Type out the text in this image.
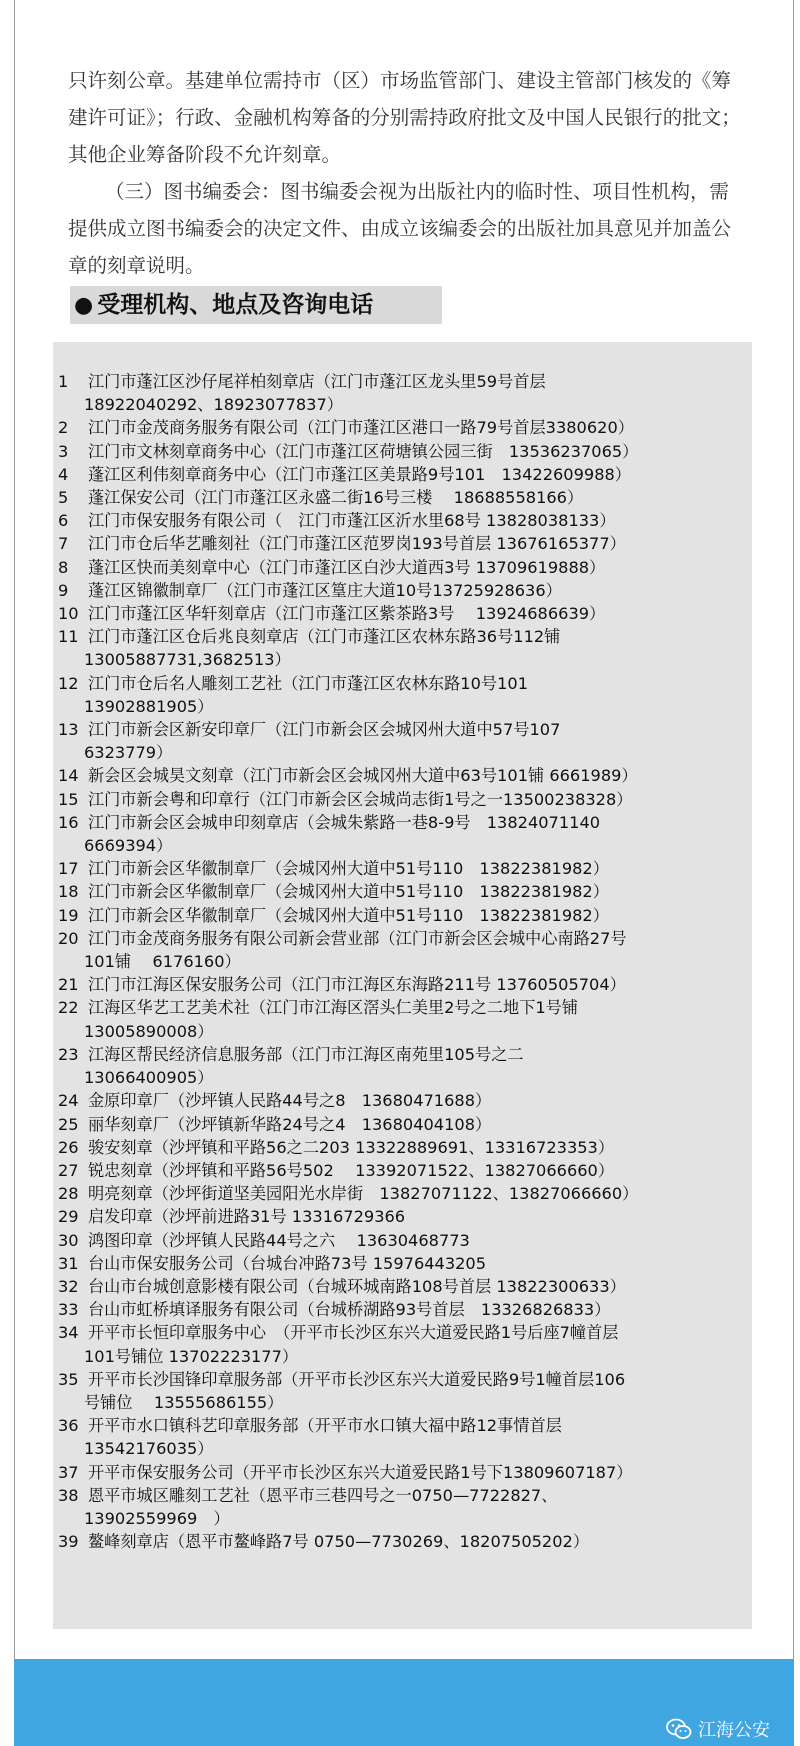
只许刻公章。基建单位需持市（区）市场监管部门、建设主管部门核发的《筹建许可证》；行政、金融机构筹备的分别需持政府批文及中国人民银行的批文；其他企业筹备阶段不允许刻章。

（三）图书编委会：图书编委会视为出版社内的临时性、项目性机构，需提供成立图书编委会的决定文件、由成立该编委会的出版社加具意见并加盖公章的刻章说明。

● 受理机构、地点及咨询电话
1 江门市蓬江区沙仔尾祥柏刻章店（江门市蓬江区龙头里59号首层
18922040292、18923077837）
2 江门市金茂商务服务有限公司（江门市蓬江区港口一路79号首层3380620）
3 江门市文林刻章商务中心（江门市蓬江区荷塘镇公园三街　13536237065）
4 蓬江区利伟刻章商务中心（江门市蓬江区美景路9号101　13422609988）
5 蓬江保安公司（江门市蓬江区永盛二街16号三楼　 18688558166）
6 江门市保安服务有限公司（　江门市蓬江区沂水里68号 13828038133）
7 江门市仓后华艺雕刻社（江门市蓬江区范罗岗193号首层 13676165377）
8 蓬江区快而美刻章中心（江门市蓬江区白沙大道西3号 13709619888）
9 蓬江区锦徽制章厂（江门市蓬江区篁庄大道10号13725928636）
10 江门市蓬江区华轩刻章店（江门市蓬江区紫茶路3号　 13924686639）
11 江门市蓬江区仓后兆良刻章店（江门市蓬江区农林东路36号112铺
13005887731,3682513）
12 江门市仓后名人雕刻工艺社（江门市蓬江区农林东路10号101
13902881905）
13 江门市新会区新安印章厂（江门市新会区会城冈州大道中57号107
6323779）
14 新会区会城昊文刻章（江门市新会区会城冈州大道中63号101铺 6661989）
15 江门市新会粤和印章行（江门市新会区会城尚志街1号之一13500238328）
16 江门市新会区会城申印刻章店（会城朱紫路一巷8-9号　13824071140
6669394）
17 江门市新会区华徽制章厂（会城冈州大道中51号110　13822381982）
18 江门市新会区华徽制章厂（会城冈州大道中51号110　13822381982）
19 江门市新会区华徽制章厂（会城冈州大道中51号110　13822381982）
20 江门市金茂商务服务有限公司新会营业部（江门市新会区会城中心南路27号
101铺　 6176160）
21 江门市江海区保安服务公司（江门市江海区东海路211号 13760505704）
22 江海区华艺工艺美术社（江门市江海区滘头仁美里2号之二地下1号铺
13005890008）
23 江海区帮民经济信息服务部（江门市江海区南苑里105号之二
13066400905）
24 金原印章厂（沙坪镇人民路44号之8　13680471688）
25 丽华刻章厂（沙坪镇新华路24号之4　13680404108）
26 骏安刻章（沙坪镇和平路56之二203 13322889691、13316723353）
27 锐忠刻章（沙坪镇和平路56号502　 13392071522、13827066660）
28 明亮刻章（沙坪街道坚美园阳光水岸街　13827071122、13827066660）
29 启发印章（沙坪前进路31号 13316729366
30 鸿图印章（沙坪镇人民路44号之六　 13630468773
31 台山市保安服务公司（台城台冲路73号 15976443205
32 台山市台城创意影楼有限公司（台城环城南路108号首层 13822300633）
33 台山市虹桥填译服务有限公司（台城桥湖路93号首层　13326826833）
34 开平市长恒印章服务中心　（开平市长沙区东兴大道爱民路1号后座7幢首层
101号铺位 13702223177）
35 开平市长沙国锋印章服务部（开平市长沙区东兴大道爱民路9号1幢首层106
号铺位　 13555686155）
36 开平市水口镇科艺印章服务部（开平市水口镇大福中路12事情首层
13542176035）
37 开平市保安服务公司（开平市长沙区东兴大道爱民路1号下13809607187）
38 恩平市城区雕刻工艺社（恩平市三巷四号之一0750—7722827、
13902559969　）
39 鳌峰刻章店（恩平市鳌峰路7号 0750—7730269、18207505202）
江海公安
